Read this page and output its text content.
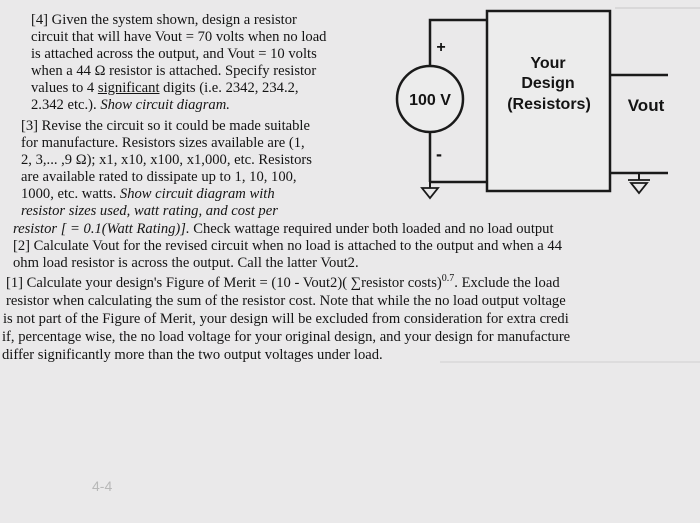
[4] Given the system shown, design a resistor
circuit that will have Vout = 70 volts when no load
is attached across the output, and Vout = 10 volts
when a 44 Ω resistor is attached. Specify resistor
values to 4 significant digits (i.e. 2342, 234.2,
2.342 etc.). Show circuit diagram.
[3] Revise the circuit so it could be made suitable
for manufacture. Resistors sizes available are (1,
2, 3,... ,9 Ω); x1, x10, x100, x1,000, etc. Resistors
are available rated to dissipate up to 1, 10, 100,
1000, etc. watts. Show circuit diagram with
resistor sizes used, watt rating, and cost per
resistor [ = 0.1(Watt Rating)]. Check wattage required under both loaded and no load output
[2] Calculate Vout for the revised circuit when no load is attached to the output and when a 44
ohm load resistor is across the output. Call the latter Vout2.
[1] Calculate your design's Figure of Merit = (10 - Vout2)( ∑resistor costs)$^{0.7}$. Exclude the load
resistor when calculating the sum of the resistor cost. Note that while the no load output voltage
is not part of the Figure of Merit, your design will be excluded from consideration for extra credi
if, percentage wise, the no load voltage for your original design, and your design for manufacture
differ significantly more than the two output voltages under load.
100 V
+
-
Your
Design
(Resistors) Vout
4-4
